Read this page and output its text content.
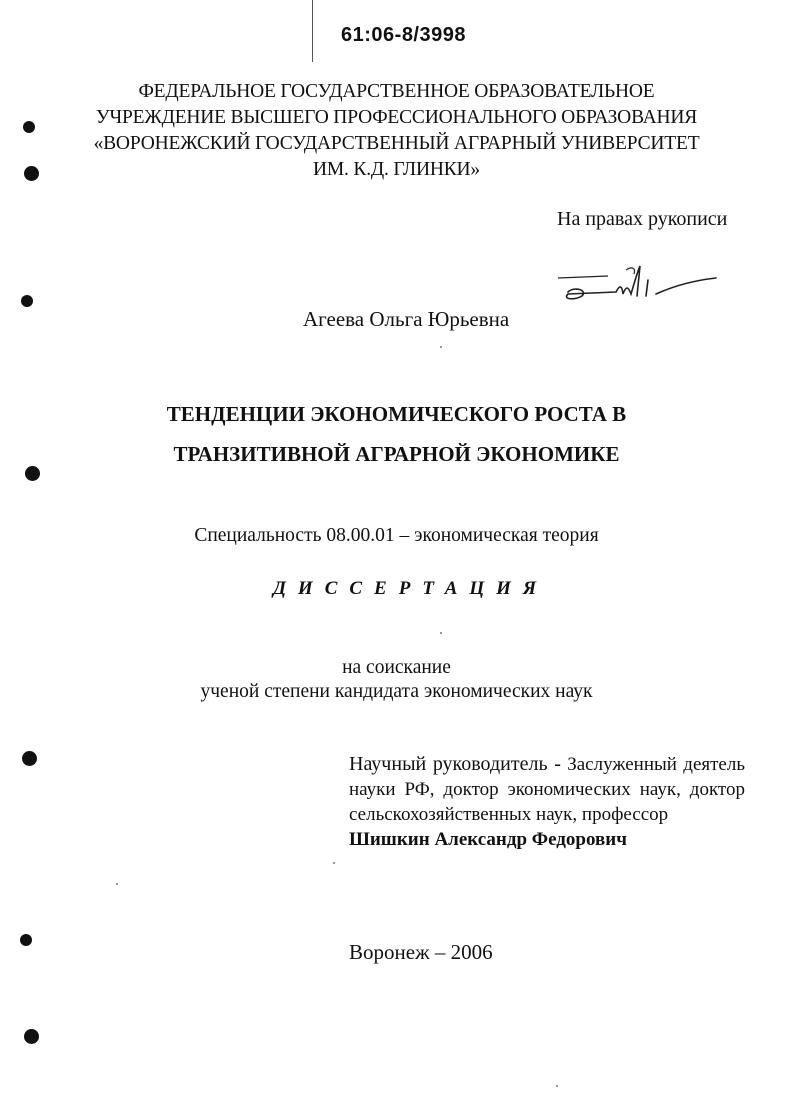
61:06-8/3998
ФЕДЕРАЛЬНОЕ ГОСУДАРСТВЕННОЕ ОБРАЗОВАТЕЛЬНОЕ
УЧРЕЖДЕНИЕ ВЫСШЕГО ПРОФЕССИОНАЛЬНОГО ОБРАЗОВАНИЯ
«ВОРОНЕЖСКИЙ ГОСУДАРСТВЕННЫЙ АГРАРНЫЙ УНИВЕРСИТЕТ
ИМ. К.Д. ГЛИНКИ»
На правах рукописи
Агеева Ольга Юрьевна
ТЕНДЕНЦИИ ЭКОНОМИЧЕСКОГО РОСТА В
ТРАНЗИТИВНОЙ АГРАРНОЙ ЭКОНОМИКЕ
Специальность 08.00.01 – экономическая теория
ДИССЕРТАЦИЯ
на соискание
ученой степени кандидата экономических наук
Научный руководитель - Заслуженный деятель науки РФ, доктор экономических наук, доктор сельскохозяйственных наук, профессор
Шишкин Александр Федорович
Воронеж – 2006
